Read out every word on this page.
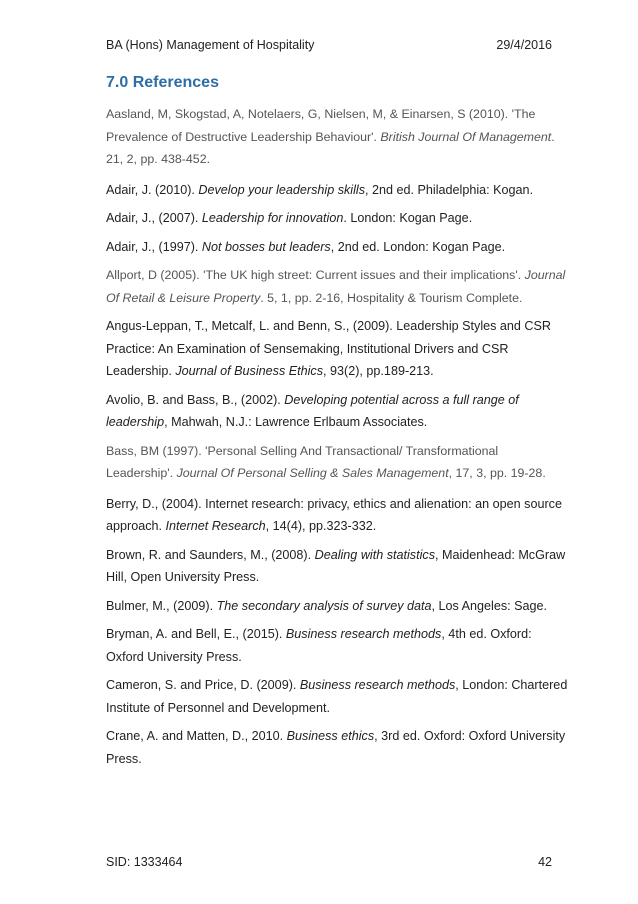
BA (Hons) Management of Hospitality	29/4/2016
7.0 References

Aasland, M, Skogstad, A, Notelaers, G, Nielsen, M, & Einarsen, S (2010). 'The Prevalence of Destructive Leadership Behaviour'. British Journal Of Management. 21, 2, pp. 438-452.

Adair, J. (2010). Develop your leadership skills, 2nd ed. Philadelphia: Kogan.

Adair, J., (2007). Leadership for innovation. London: Kogan Page.

Adair, J., (1997). Not bosses but leaders, 2nd ed. London: Kogan Page.

Allport, D (2005). 'The UK high street: Current issues and their implications'. Journal Of Retail & Leisure Property. 5, 1, pp. 2-16, Hospitality & Tourism Complete.

Angus-Leppan, T., Metcalf, L. and Benn, S., (2009). Leadership Styles and CSR Practice: An Examination of Sensemaking, Institutional Drivers and CSR Leadership. Journal of Business Ethics, 93(2), pp.189-213.

Avolio, B. and Bass, B., (2002). Developing potential across a full range of leadership, Mahwah, N.J.: Lawrence Erlbaum Associates.

Bass, BM (1997). 'Personal Selling And Transactional/ Transformational Leadership'. Journal Of Personal Selling & Sales Management, 17, 3, pp. 19-28.

Berry, D., (2004). Internet research: privacy, ethics and alienation: an open source approach. Internet Research, 14(4), pp.323-332.

Brown, R. and Saunders, M., (2008). Dealing with statistics, Maidenhead: McGraw Hill, Open University Press.

Bulmer, M., (2009). The secondary analysis of survey data, Los Angeles: Sage.

Bryman, A. and Bell, E., (2015). Business research methods, 4th ed. Oxford: Oxford University Press.

Cameron, S. and Price, D. (2009). Business research methods, London: Chartered Institute of Personnel and Development.

Crane, A. and Matten, D., 2010. Business ethics, 3rd ed. Oxford: Oxford University Press.

SID: 1333464	42
